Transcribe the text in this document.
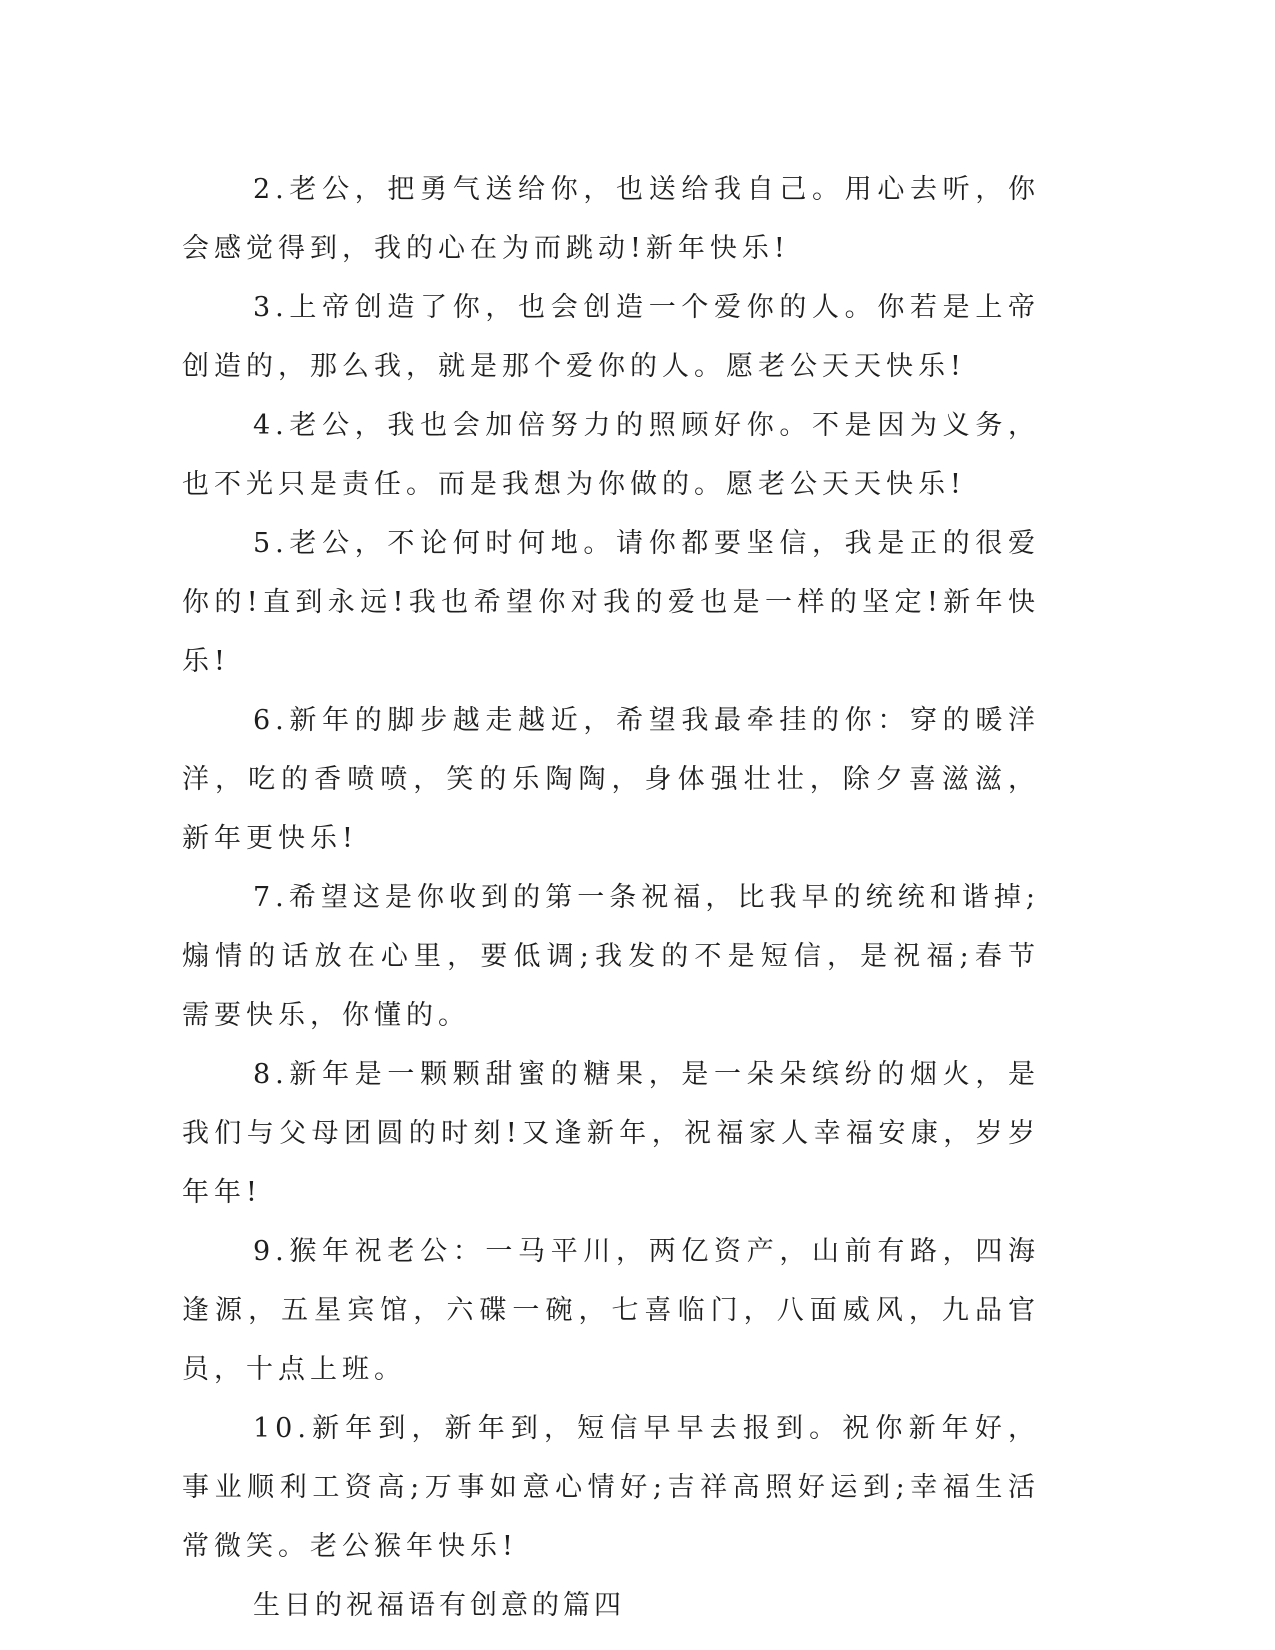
2.老公，把勇气送给你，也送给我自己。用心去听，你会感觉得到，我的心在为而跳动!新年快乐!

3.上帝创造了你，也会创造一个爱你的人。你若是上帝创造的，那么我，就是那个爱你的人。愿老公天天快乐!

4.老公，我也会加倍努力的照顾好你。不是因为义务，也不光只是责任。而是我想为你做的。愿老公天天快乐!

5.老公，不论何时何地。请你都要坚信，我是正的很爱你的!直到永远!我也希望你对我的爱也是一样的坚定!新年快乐!

6.新年的脚步越走越近，希望我最牵挂的你：穿的暖洋洋，吃的香喷喷，笑的乐陶陶，身体强壮壮，除夕喜滋滋，新年更快乐!

7.希望这是你收到的第一条祝福，比我早的统统和谐掉;煽情的话放在心里，要低调;我发的不是短信，是祝福;春节需要快乐，你懂的。

8.新年是一颗颗甜蜜的糖果，是一朵朵缤纷的烟火，是我们与父母团圆的时刻!又逢新年，祝福家人幸福安康，岁岁年年!

9.猴年祝老公：一马平川，两亿资产，山前有路，四海逢源，五星宾馆，六碟一碗，七喜临门，八面威风，九品官员，十点上班。

10.新年到，新年到，短信早早去报到。祝你新年好，事业顺利工资高;万事如意心情好;吉祥高照好运到;幸福生活常微笑。老公猴年快乐!

生日的祝福语有创意的篇四
